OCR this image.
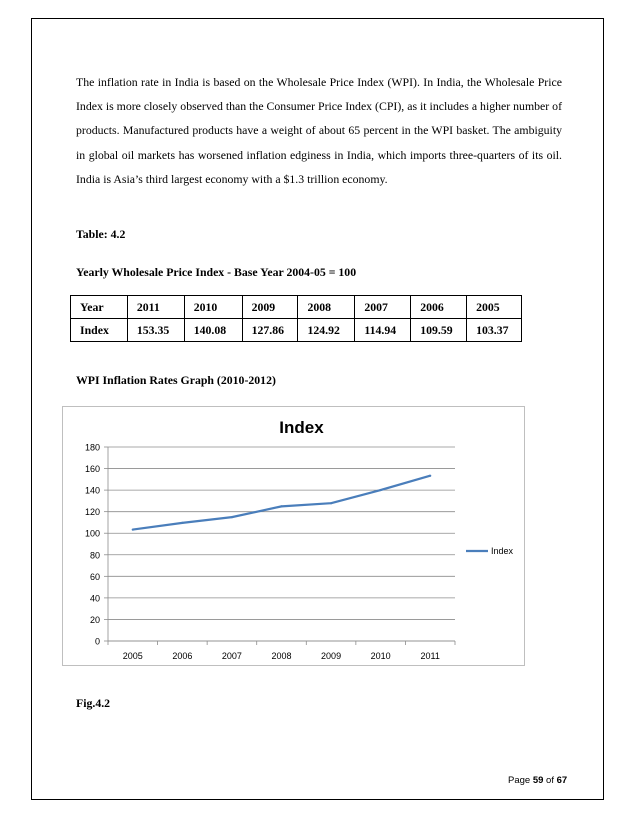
The inflation rate in India is based on the Wholesale Price Index (WPI). In India, the Wholesale Price Index is more closely observed than the Consumer Price Index (CPI), as it includes a higher number of products. Manufactured products have a weight of about 65 percent in the WPI basket. The ambiguity in global oil markets has worsened inflation edginess in India, which imports three-quarters of its oil. India is Asia’s third largest economy with a $1.3 trillion economy.

Table: 4.2

Yearly Wholesale Price Index - Base Year 2004-05 = 100

Year	2011	2010	2009	2008	2007	2006	2005
Index	153.35	140.08	127.86	124.92	114.94	109.59	103.37

WPI Inflation Rates Graph (2010-2012)

Index
0
20
40
60
80
100
120
140
160
180
2005	2006	2007	2008	2009	2010	2011
Index

Fig.4.2

Page 59 of 67
